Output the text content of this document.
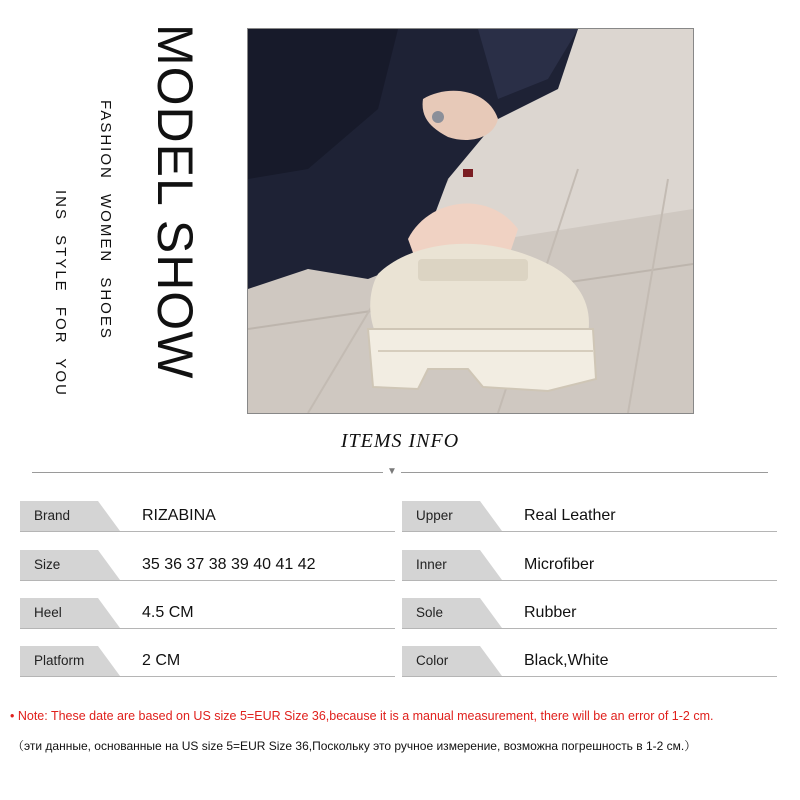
MODEL SHOW
FASHION WOMEN SHOES
INS STYLE FOR YOU
ITEMS INFO
▼
Brand	RIZABINA	Upper	Real Leather
Size	35 36 37 38 39 40 41 42	Inner	Microfiber
Heel	4.5 CM	Sole	Rubber
Platform	2 CM	Color	Black,White
• Note: These date are based on US size 5=EUR Size 36,because it is a manual measurement, there will be an error of 1-2 cm.
（эти данные, основанные на US size 5=EUR Size 36,Поскольку это ручное измерение, возможна погрешность в 1-2 см.）
